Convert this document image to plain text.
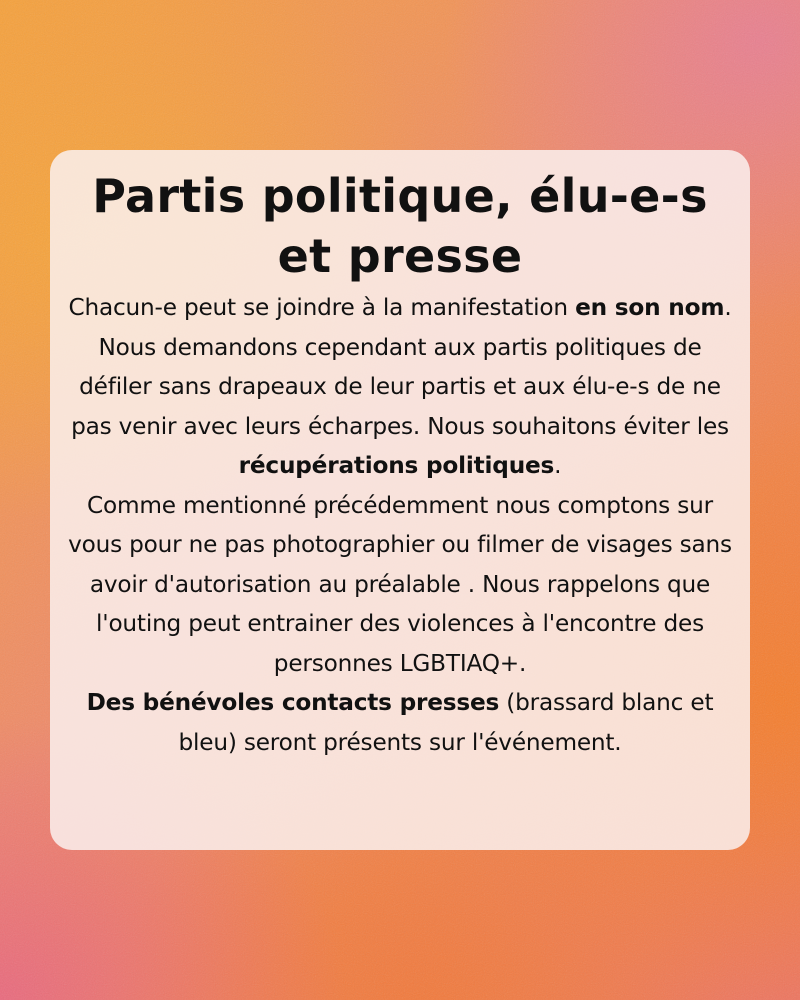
Partis politique, élu-e-s et presse

Chacun-e peut se joindre à la manifestation en son nom. Nous demandons cependant aux partis politiques de défiler sans drapeaux de leur partis et aux élu-e-s de ne pas venir avec leurs écharpes. Nous souhaitons éviter les récupérations politiques.

Comme mentionné précédemment nous comptons sur vous pour ne pas photographier ou filmer de visages sans avoir d'autorisation au préalable . Nous rappelons que l'outing peut entrainer des violences à l'encontre des personnes LGBTIAQ+.

Des bénévoles contacts presses (brassard blanc et bleu) seront présents sur l'événement.
